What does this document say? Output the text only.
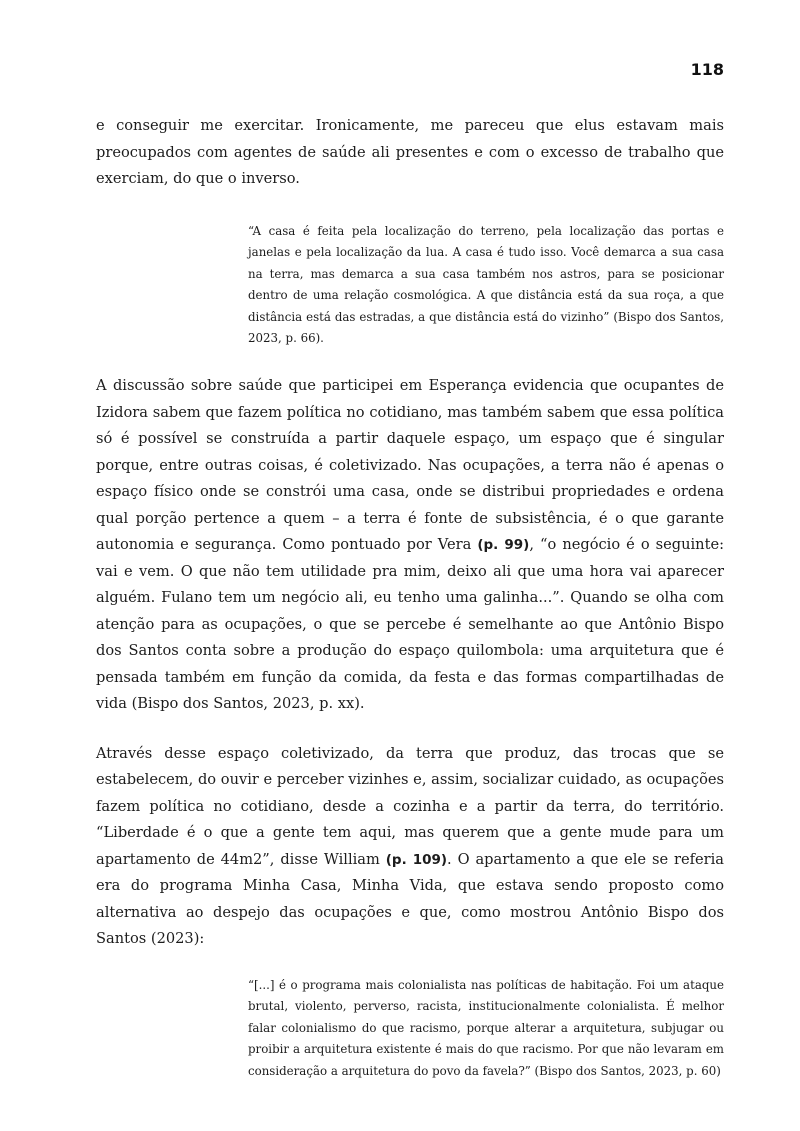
118

e conseguir me exercitar. Ironicamente, me pareceu que elus estavam mais preocupados com agentes de saúde ali presentes e com o excesso de trabalho que exerciam, do que o inverso.

“A casa é feita pela localização do terreno, pela localização das portas e janelas e pela localização da lua. A casa é tudo isso. Você demarca a sua casa na terra, mas demarca a sua casa também nos astros, para se posicionar dentro de uma relação cosmológica. A que distância está da sua roça, a que distância está das estradas, a que distância está do vizinho” (Bispo dos Santos, 2023, p. 66).

A discussão sobre saúde que participei em Esperança evidencia que ocupantes de Izidora sabem que fazem política no cotidiano, mas também sabem que essa política só é possível se construída a partir daquele espaço, um espaço que é singular porque, entre outras coisas, é coletivizado. Nas ocupações, a terra não é apenas o espaço físico onde se constrói uma casa, onde se distribui propriedades e ordena qual porção pertence a quem – a terra é fonte de subsistência, é o que garante autonomia e segurança. Como pontuado por Vera (p. 99), “o negócio é o seguinte: vai e vem. O que não tem utilidade pra mim, deixo ali que uma hora vai aparecer alguém. Fulano tem um negócio ali, eu tenho uma galinha...”. Quando se olha com atenção para as ocupações, o que se percebe é semelhante ao que Antônio Bispo dos Santos conta sobre a produção do espaço quilombola: uma arquitetura que é pensada também em função da comida, da festa e das formas compartilhadas de vida (Bispo dos Santos, 2023, p. xx).

Através desse espaço coletivizado, da terra que produz, das trocas que se estabelecem, do ouvir e perceber vizinhes e, assim, socializar cuidado, as ocupações fazem política no cotidiano, desde a cozinha e a partir da terra, do território. “Liberdade é o que a gente tem aqui, mas querem que a gente mude para um apartamento de 44m2”, disse William (p. 109). O apartamento a que ele se referia era do programa Minha Casa, Minha Vida, que estava sendo proposto como alternativa ao despejo das ocupações e que, como mostrou Antônio Bispo dos Santos (2023):

“[...] é o programa mais colonialista nas políticas de habitação. Foi um ataque brutal, violento, perverso, racista, institucionalmente colonialista. É melhor falar colonialismo do que racismo, porque alterar a arquitetura, subjugar ou proibir a arquitetura existente é mais do que racismo. Por que não levaram em consideração a arquitetura do povo da favela?” (Bispo dos Santos, 2023, p. 60)
